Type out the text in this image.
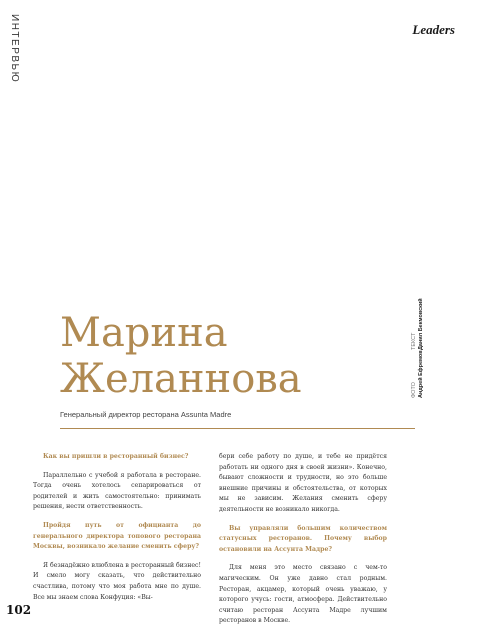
ИНТЕРВЬЮ	Leaders
ФОТО Андрей Ефремов
ТЕКСТ Данил Бекмовский
Марина
Желаннова
Генеральный директор ресторана Assunta Madre

Как вы пришли в ресторанный бизнес?

Параллельно с учебой я работала в ресторане. Тогда очень хотелось сепарироваться от родителей и жить самостоятельно: принимать решения, нести ответственность.

Пройдя путь от официанта до генерального директора топового ресторана Москвы, возникало желание сменить сферу?

Я безнадёжно влюблена в ресторанный бизнес! И смело могу сказать, что действительно счастлива, потому что моя работа мне по душе. Все мы знаем слова Конфуция: «Вы-

бери себе работу по душе, и тебе не придётся работать ни одного дня в своей жизни». Конечно, бывают сложности и трудности, но это больше внешние причины и обстоятельства, от которых мы не зависим. Желания сменить сферу деятельности не возникало никогда.

Вы управляли большим количеством статусных ресторанов. Почему выбор остановили на Ассунта Мадре?

Для меня это место связано с чем-то магическим. Он уже давно стал родным. Ресторан, акцамер, который очень уважаю, у которого учусь: гости, атмосфера. Действительно считаю ресторан Ассунта Мадре лучшим ресторанов в Москве.

102
